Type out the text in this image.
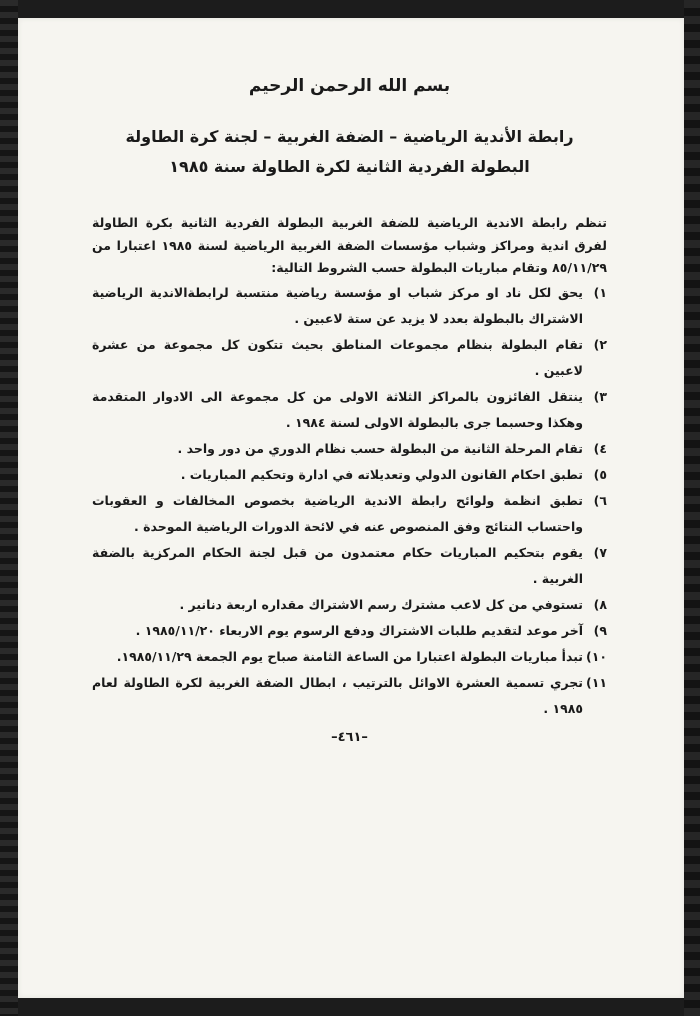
بسم الله الرحمن الرحيم
رابطة الأندية الرياضية – الضفة الغربية – لجنة كرة الطاولة
البطولة الفردية الثانية لكرة الطاولة سنة ١٩٨٥
تنظم رابطة الاندية الرياضية للضفة الغربية البطولة الفردية الثانية بكرة الطاولة لفرق اندية ومراكز وشباب مؤسسات الضفة الغربية الرياضية لسنة ١٩٨٥ اعتبارا من ٨٥/١١/٢٩ وتقام مباريات البطولة حسب الشروط التالية:
١)
يحق لكل ناد او مركز شباب او مؤسسة رياضية منتسبة لرابطةالاندية الرياضية الاشتراك بالبطولة بعدد لا يزيد عن ستة لاعبين .
٢)
تقام البطولة بنظام مجموعات المناطق بحيث تتكون كل مجموعة من عشرة لاعبين .
٣)
ينتقل الفائزون بالمراكز الثلاثة الاولى من كل مجموعة الى الادوار المتقدمة وهكذا وحسبما جرى بالبطولة الاولى لسنة ١٩٨٤ .
٤)
تقام المرحلة الثانية من البطولة حسب نظام الدوري من دور واحد .
٥)
تطبق احكام القانون الدولي وتعديلاته في ادارة وتحكيم المباريات .
٦)
تطبق انظمة ولوائح رابطة الاندية الرياضية بخصوص المخالفات و العقوبات واحتساب النتائج وفق المنصوص عنه في لائحة الدورات الرياضية الموحدة .
٧)
يقوم بتحكيم المباريات حكام معتمدون من قبل لجنة الحكام المركزية بالضفة الغربية .
٨)
تستوفي من كل لاعب مشترك رسم الاشتراك مقداره اربعة دنانير .
٩)
آخر موعد لتقديم طلبات الاشتراك ودفع الرسوم يوم الاربعاء ١٩٨٥/١١/٢٠ .
١٠)
تبدأ مباريات البطولة اعتبارا من الساعة الثامنة صباح يوم الجمعة ١٩٨٥/١١/٢٩.
١١)
تجري تسمية العشرة الاوائل بالترتيب ، ابطال الضفة الغربية لكرة الطاولة لعام ١٩٨٥ .
–٤٦١–
